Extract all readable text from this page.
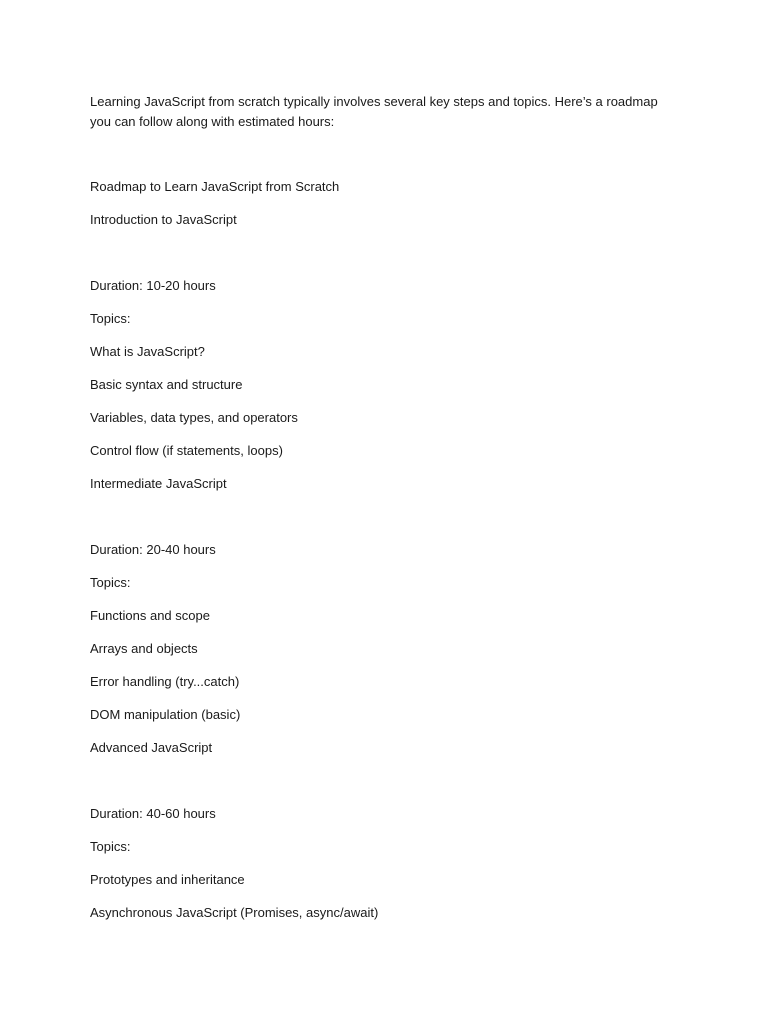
Learning JavaScript from scratch typically involves several key steps and topics. Here’s a roadmap you can follow along with estimated hours:

Roadmap to Learn JavaScript from Scratch

Introduction to JavaScript

Duration: 10-20 hours

Topics:

What is JavaScript?

Basic syntax and structure

Variables, data types, and operators

Control flow (if statements, loops)

Intermediate JavaScript

Duration: 20-40 hours

Topics:

Functions and scope

Arrays and objects

Error handling (try...catch)

DOM manipulation (basic)

Advanced JavaScript

Duration: 40-60 hours

Topics:

Prototypes and inheritance

Asynchronous JavaScript (Promises, async/await)
